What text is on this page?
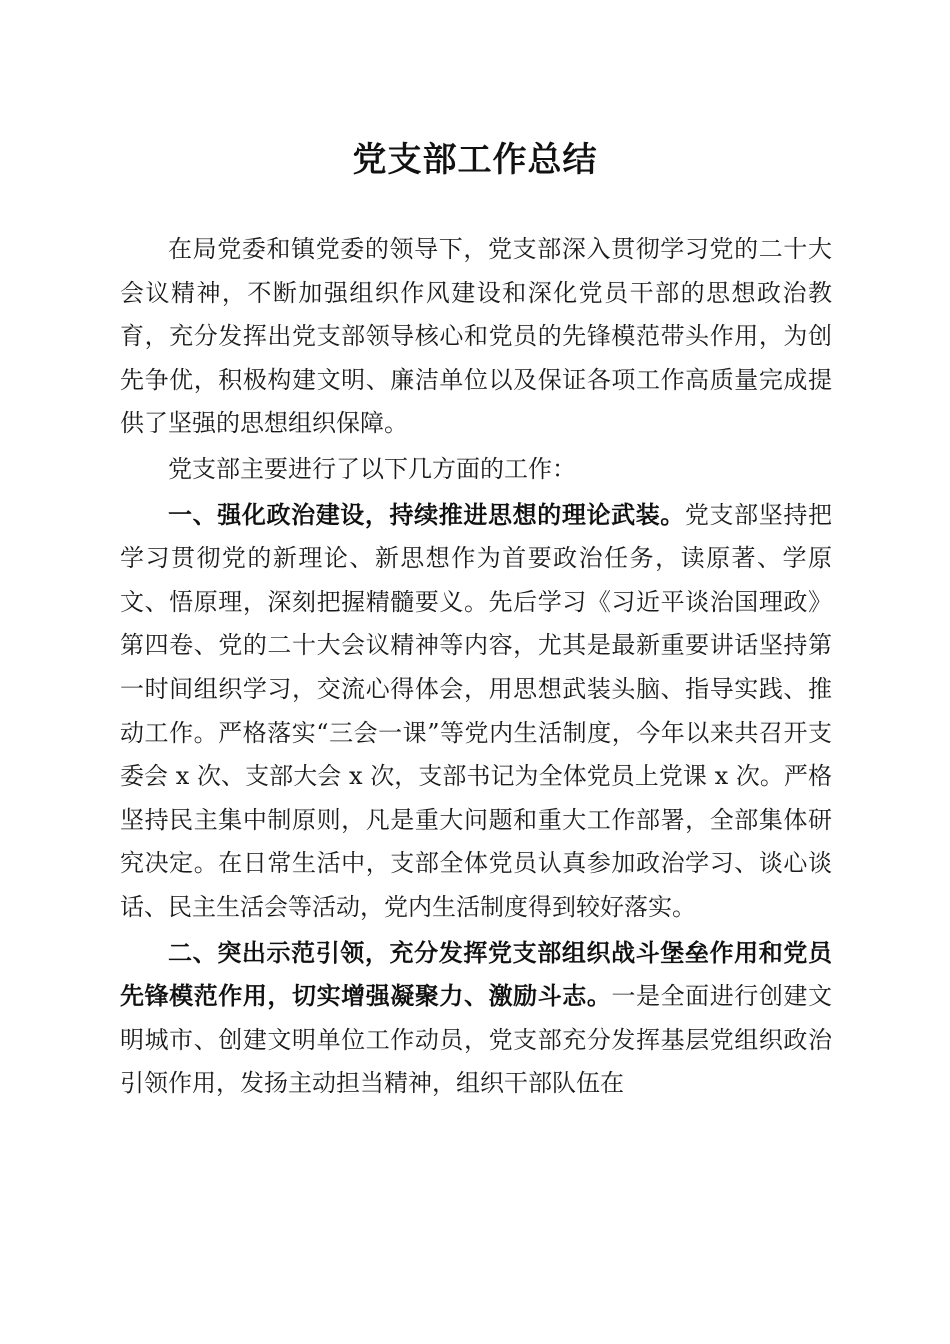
党支部工作总结

在局党委和镇党委的领导下，党支部深入贯彻学习党的二十大会议精神，不断加强组织作风建设和深化党员干部的思想政治教育，充分发挥出党支部领导核心和党员的先锋模范带头作用，为创先争优，积极构建文明、廉洁单位以及保证各项工作高质量完成提供了坚强的思想组织保障。

党支部主要进行了以下几方面的工作：

一、强化政治建设，持续推进思想的理论武装。党支部坚持把学习贯彻党的新理论、新思想作为首要政治任务，读原著、学原文、悟原理，深刻把握精髓要义。先后学习《习近平谈治国理政》第四卷、党的二十大会议精神等内容，尤其是最新重要讲话坚持第一时间组织学习，交流心得体会，用思想武装头脑、指导实践、推动工作。严格落实“三会一课”等党内生活制度，今年以来共召开支委会 x 次、支部大会 x 次，支部书记为全体党员上党课 x 次。严格坚持民主集中制原则，凡是重大问题和重大工作部署，全部集体研究决定。在日常生活中，支部全体党员认真参加政治学习、谈心谈话、民主生活会等活动，党内生活制度得到较好落实。

二、突出示范引领，充分发挥党支部组织战斗堡垒作用和党员先锋模范作用，切实增强凝聚力、激励斗志。一是全面进行创建文明城市、创建文明单位工作动员，党支部充分发挥基层党组织政治引领作用，发扬主动担当精神，组织干部队伍在
